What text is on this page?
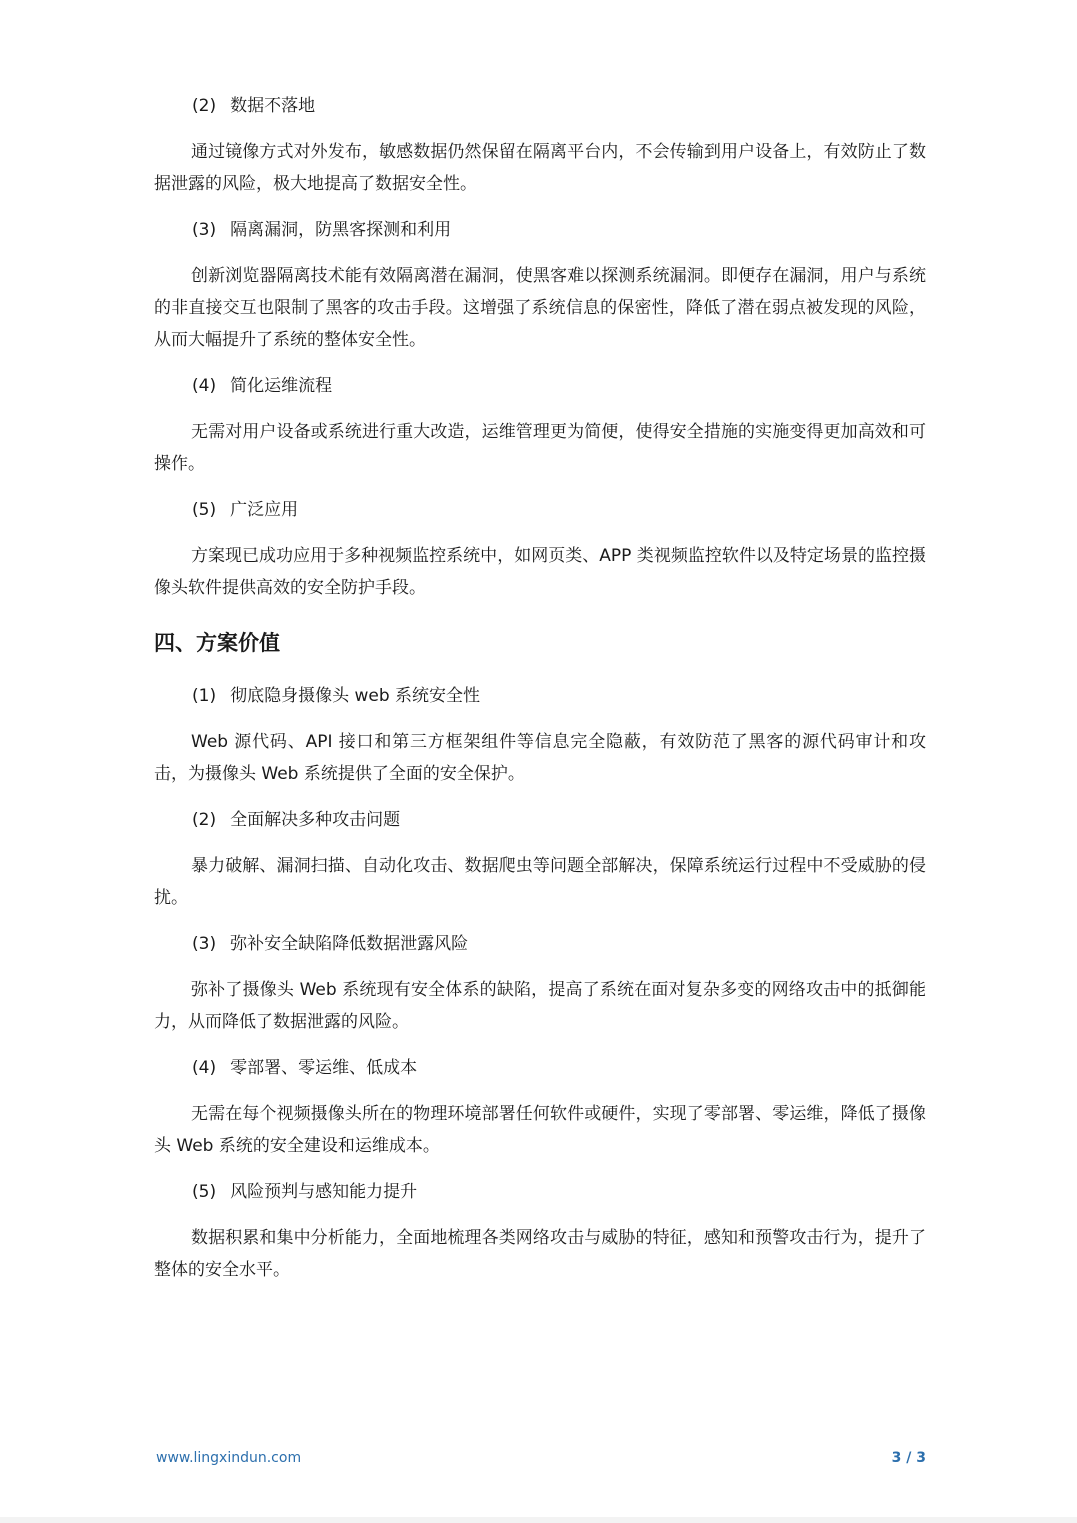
(2) 数据不落地

通过镜像方式对外发布，敏感数据仍然保留在隔离平台内，不会传输到用户设备上，有效防止了数据泄露的风险，极大地提高了数据安全性。

(3) 隔离漏洞，防黑客探测和利用

创新浏览器隔离技术能有效隔离潜在漏洞，使黑客难以探测系统漏洞。即便存在漏洞，用户与系统的非直接交互也限制了黑客的攻击手段。这增强了系统信息的保密性，降低了潜在弱点被发现的风险，从而大幅提升了系统的整体安全性。

(4) 简化运维流程

无需对用户设备或系统进行重大改造，运维管理更为简便，使得安全措施的实施变得更加高效和可操作。

(5) 广泛应用

方案现已成功应用于多种视频监控系统中，如网页类、APP 类视频监控软件以及特定场景的监控摄像头软件提供高效的安全防护手段。

四、方案价值

(1) 彻底隐身摄像头 web 系统安全性

Web 源代码、API 接口和第三方框架组件等信息完全隐蔽，有效防范了黑客的源代码审计和攻击，为摄像头 Web 系统提供了全面的安全保护。

(2) 全面解决多种攻击问题

暴力破解、漏洞扫描、自动化攻击、数据爬虫等问题全部解决，保障系统运行过程中不受威胁的侵扰。

(3) 弥补安全缺陷降低数据泄露风险

弥补了摄像头 Web 系统现有安全体系的缺陷，提高了系统在面对复杂多变的网络攻击中的抵御能力，从而降低了数据泄露的风险。

(4) 零部署、零运维、低成本

无需在每个视频摄像头所在的物理环境部署任何软件或硬件，实现了零部署、零运维，降低了摄像头 Web 系统的安全建设和运维成本。

(5) 风险预判与感知能力提升

数据积累和集中分析能力，全面地梳理各类网络攻击与威胁的特征，感知和预警攻击行为，提升了整体的安全水平。

www.lingxindun.com	3 / 3
